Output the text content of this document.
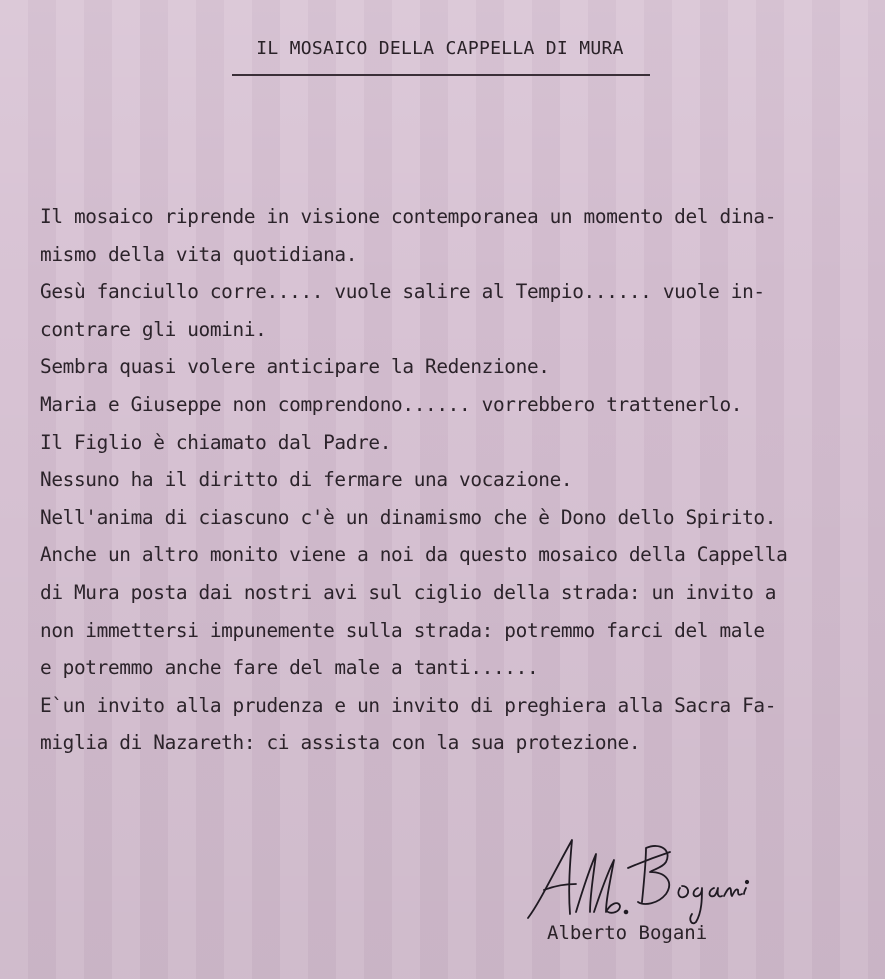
IL MOSAICO DELLA CAPPELLA DI MURA
Il mosaico riprende in visione contemporanea un momento del dina-
mismo della vita quotidiana.
Gesù fanciullo corre..... vuole salire al Tempio...... vuole in-
contrare gli uomini.
Sembra quasi volere anticipare la Redenzione.
Maria e Giuseppe non comprendono...... vorrebbero trattenerlo.
Il Figlio è chiamato dal Padre.
Nessuno ha il diritto di fermare una vocazione.
Nell'anima di ciascuno c'è un dinamismo che è Dono dello Spirito.
Anche un altro monito viene a noi da questo mosaico della Cappella
di Mura posta dai nostri avi sul ciglio della strada: un invito a
non immettersi impunemente sulla strada: potremmo farci del male
e potremmo anche fare del male a tanti......
E`un invito alla prudenza e un invito di preghiera alla Sacra Fa-
miglia di Nazareth: ci assista con la sua protezione.
Alberto Bogani
